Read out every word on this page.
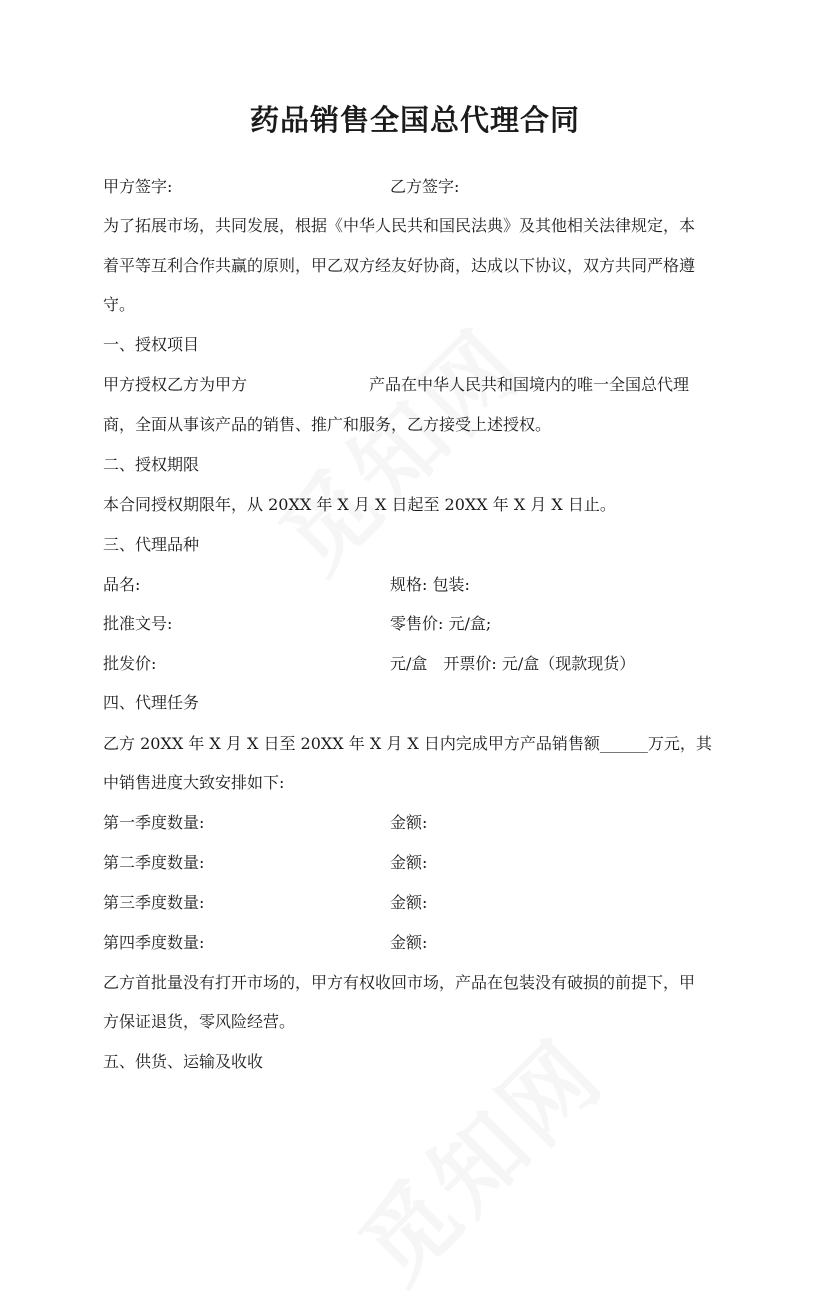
药品销售全国总代理合同
甲方签字:	乙方签字:
为了拓展市场，共同发展，根据《中华人民共和国民法典》及其他相关法律规定，本
着平等互利合作共赢的原则，甲乙双方经友好协商，达成以下协议，双方共同严格遵
守。
一、授权项目
甲方授权乙方为甲方	产品在中华人民共和国境内的唯一全国总代理
商，全面从事该产品的销售、推广和服务，乙方接受上述授权。
二、授权期限
本合同授权期限年，从 20XX 年 X 月 X 日起至 20XX 年 X 月 X 日止。
三、代理品种
品名:	规格: 包装:
批准文号:	零售价: 元/盒;
批发价:	元/盒　开票价: 元/盒（现款现货）
四、代理任务
乙方 20XX 年 X 月 X 日至 20XX 年 X 月 X 日内完成甲方产品销售额______万元，其
中销售进度大致安排如下:
第一季度数量:	金额:
第二季度数量:	金额:
第三季度数量:	金额:
第四季度数量:	金额:
乙方首批量没有打开市场的，甲方有权收回市场，产品在包装没有破损的前提下，甲
方保证退货，零风险经营。
五、供货、运输及收收
